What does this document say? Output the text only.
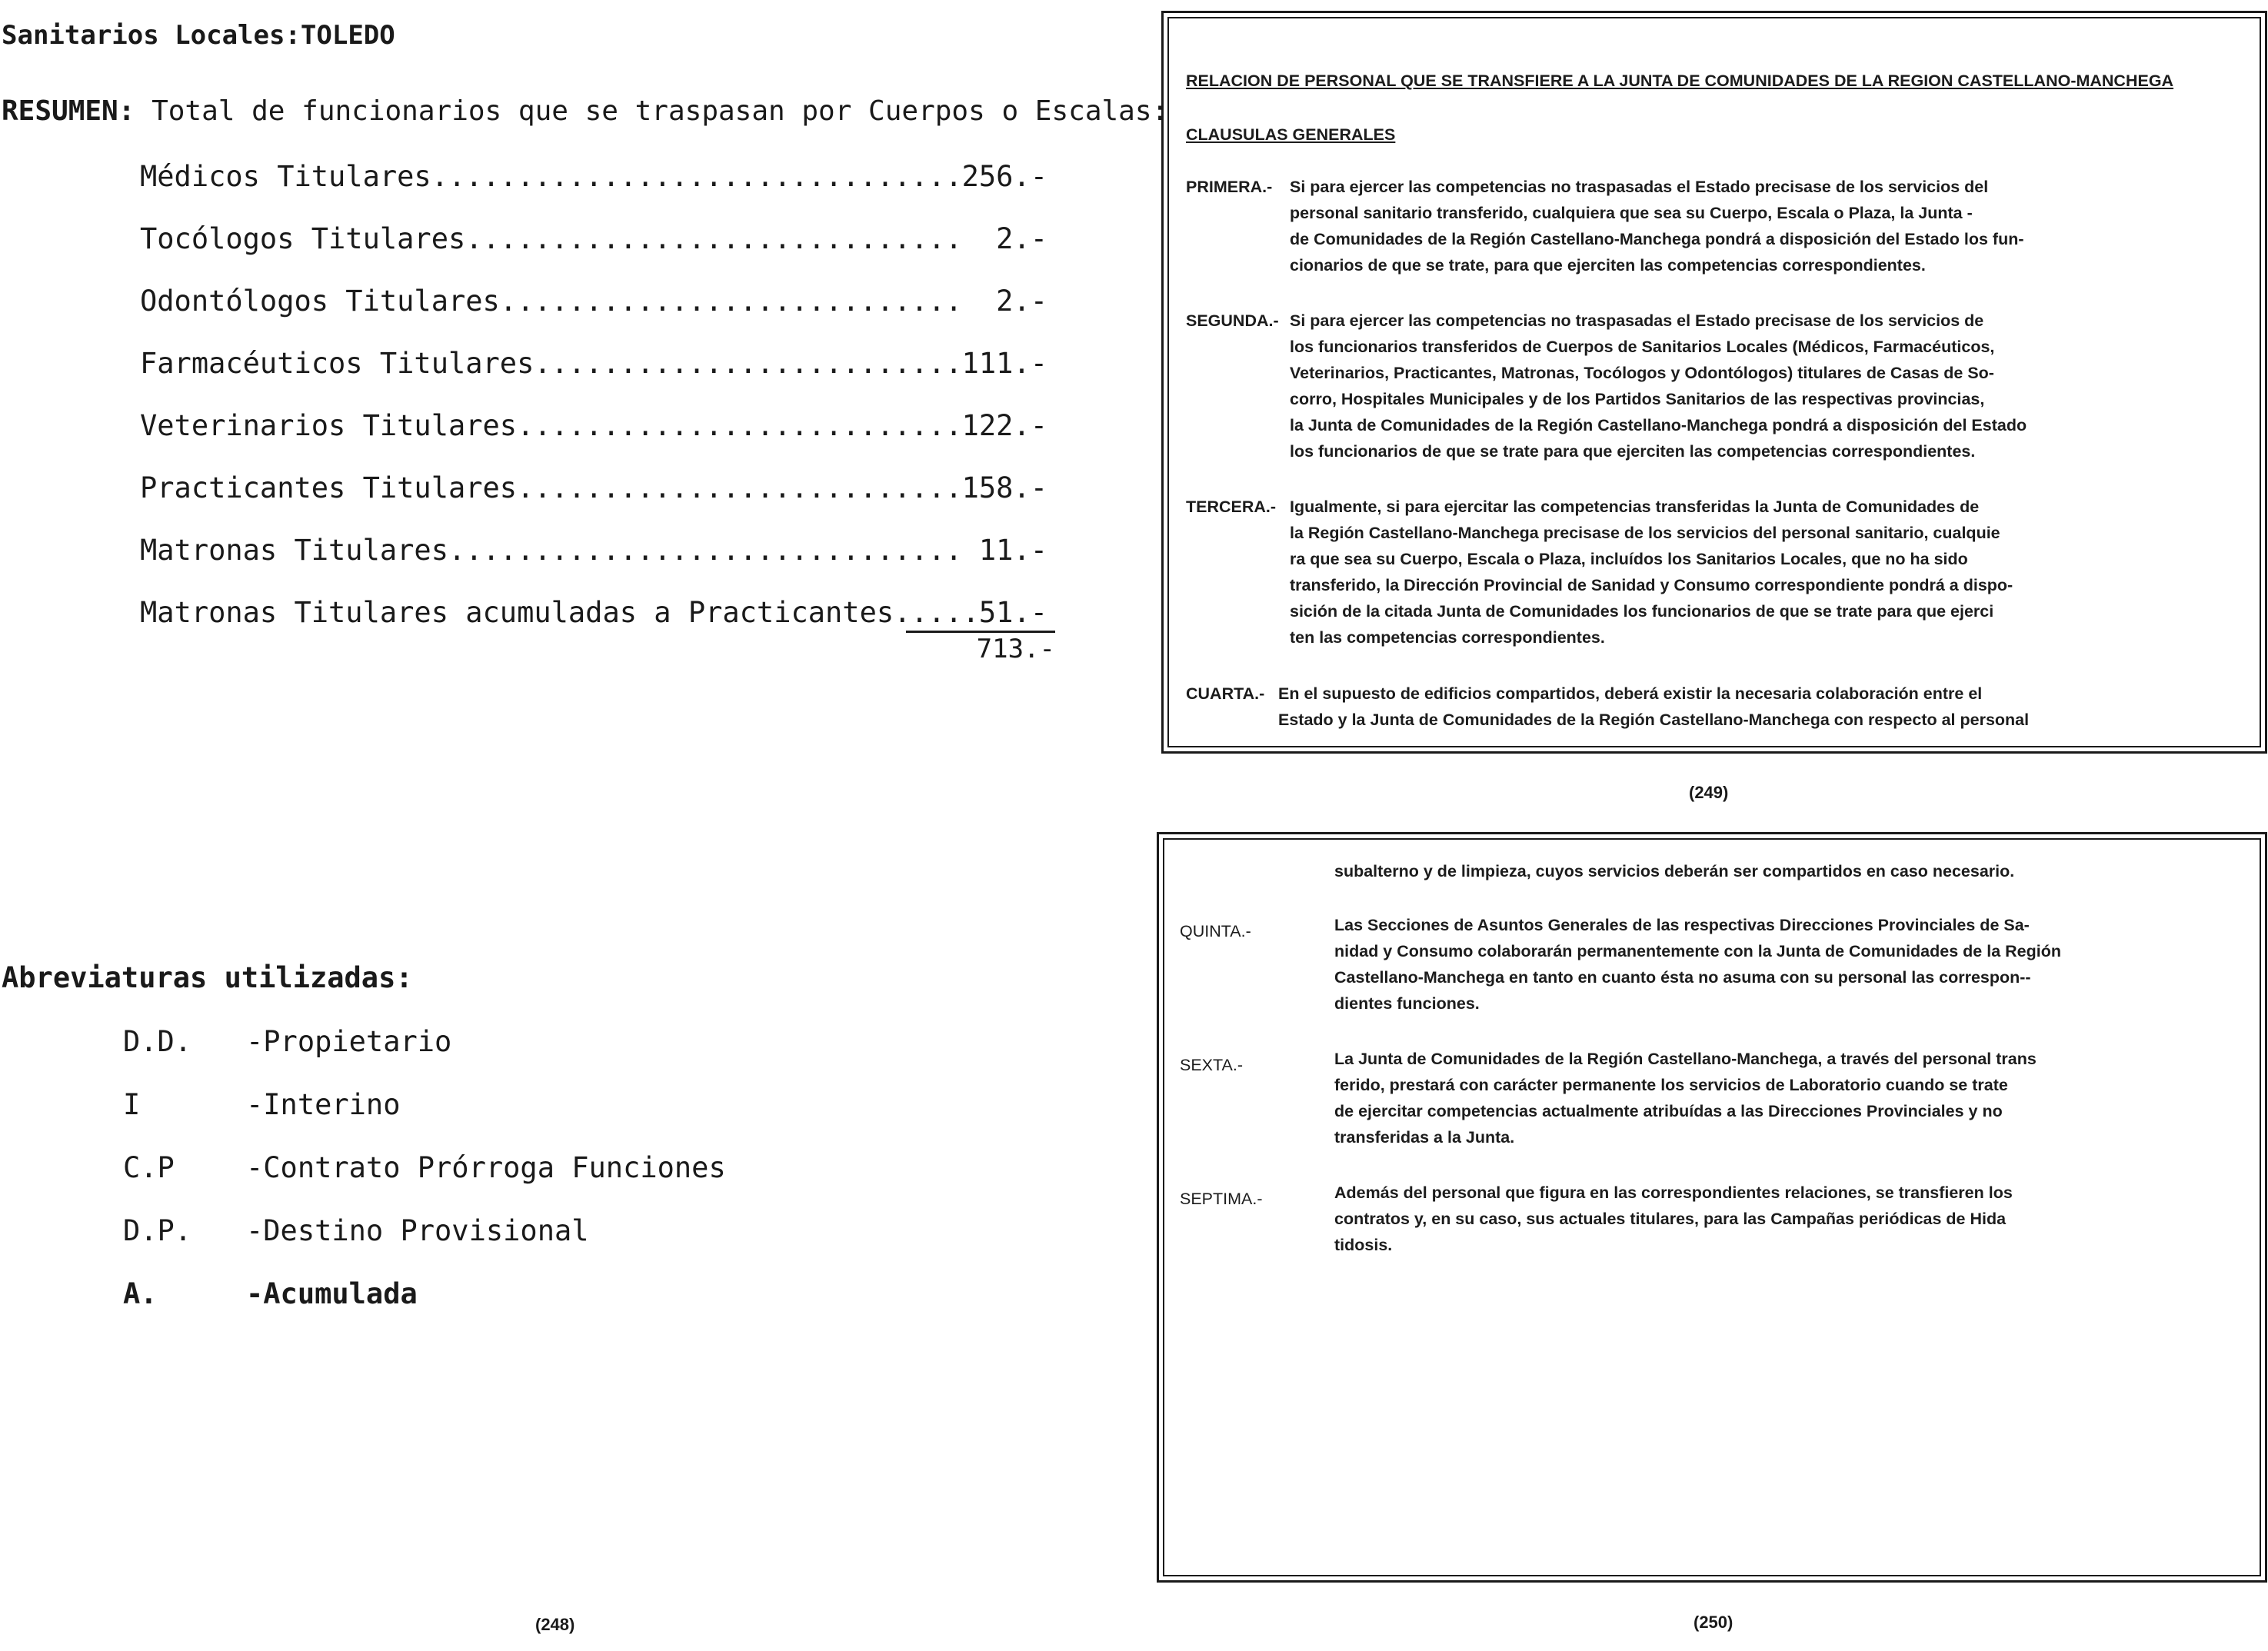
Sanitarios Locales:TOLEDO
RESUMEN: Total de funcionarios que se traspasan por Cuerpos o Escalas:
Médicos Titulares............................... 256.-
Tocólogos Titulares............................. 2.-
Odontólogos Titulares........................... 2.-
Farmacéuticos Titulares......................... 111.-
Veterinarios Titulares.......................... 122.-
Practicantes Titulares.......................... 158.-
Matronas Titulares.............................. 11.-
Matronas Titulares acumuladas a Practicantes..... 51.-
713.-
Abreviaturas utilizadas:
D.D. -Propietario
I	-Interino
C.P	-Contrato Prórroga Funciones
D.P. -Destino Provisional
A.	-Acumulada
(248)
RELACION DE PERSONAL QUE SE TRANSFIERE A LA JUNTA DE COMUNIDADES DE LA REGION CASTELLANO-MANCHEGA
CLAUSULAS GENERALES
PRIMERA.- Si para ejercer las competencias no traspasadas el Estado precisase de los servicios del
personal sanitario transferido, cualquiera que sea su Cuerpo, Escala o Plaza, la Junta -
de Comunidades de la Región Castellano-Manchega pondrá a disposición del Estado los fun-
cionarios de que se trate, para que ejerciten las competencias correspondientes.
SEGUNDA.- Si para ejercer las competencias no traspasadas el Estado precisase de los servicios de
los funcionarios transferidos de Cuerpos de Sanitarios Locales (Médicos, Farmacéuticos,
Veterinarios, Practicantes, Matronas, Tocólogos y Odontólogos) titulares de Casas de So-
corro, Hospitales Municipales y de los Partidos Sanitarios de las respectivas provincias,
la Junta de Comunidades de la Región Castellano-Manchega pondrá a disposición del Estado
los funcionarios de que se trate para que ejerciten las competencias correspondientes.
TERCERA.- Igualmente, si para ejercitar las competencias transferidas la Junta de Comunidades de
la Región Castellano-Manchega precisase de los servicios del personal sanitario, cualquie
ra que sea su Cuerpo, Escala o Plaza, incluídos los Sanitarios Locales, que no ha sido
transferido, la Dirección Provincial de Sanidad y Consumo correspondiente pondrá a dispo-
sición de la citada Junta de Comunidades los funcionarios de que se trate para que ejerci
ten las competencias correspondientes.
CUARTA.- En el supuesto de edificios compartidos, deberá existir la necesaria colaboración entre el
Estado y la Junta de Comunidades de la Región Castellano-Manchega con respecto al personal
(249)
subalterno y de limpieza, cuyos servicios deberán ser compartidos en caso necesario.
QUINTA.-	Las Secciones de Asuntos Generales de las respectivas Direcciones Provinciales de Sa-
nidad y Consumo colaborarán permanentemente con la Junta de Comunidades de la Región
Castellano-Manchega en tanto en cuanto ésta no asuma con su personal las correspon--
dientes funciones.
SEXTA.-	La Junta de Comunidades de la Región Castellano-Manchega, a través del personal trans
ferido, prestará con carácter permanente los servicios de Laboratorio cuando se trate
de ejercitar competencias actualmente atribuídas a las Direcciones Provinciales y no
transferidas a la Junta.
SEPTIMA.-	Además del personal que figura en las correspondientes relaciones, se transfieren los
contratos y, en su caso, sus actuales titulares, para las Campañas periódicas de Hida
tidosis.
(250)
